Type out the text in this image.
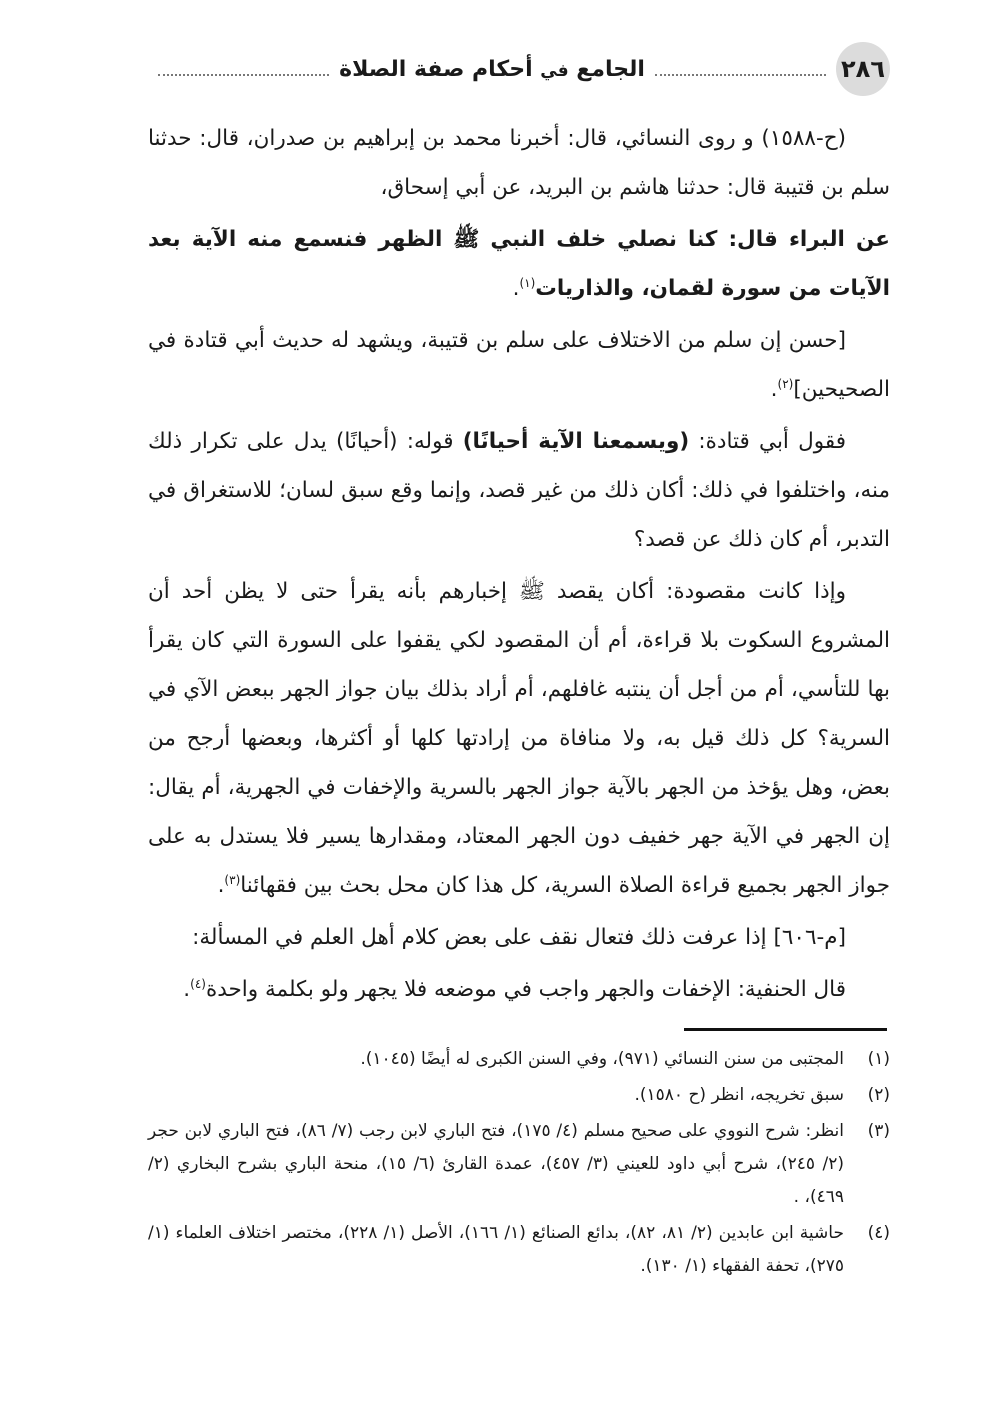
٢٨٦
الجامع في أحكام صفة الصلاة

(ح-١٥٨٨) و روى النسائي، قال: أخبرنا محمد بن إبراهيم بن صدران، قال: حدثنا سلم بن قتيبة قال: حدثنا هاشم بن البريد، عن أبي إسحاق،

عن البراء قال: كنا نصلي خلف النبي ﷺ الظهر فنسمع منه الآية بعد الآيات من سورة لقمان، والذاريات$^{(١)}$.

[حسن إن سلم من الاختلاف على سلم بن قتيبة، ويشهد له حديث أبي قتادة في الصحيحين]$^{(٢)}$.

فقول أبي قتادة: (ويسمعنا الآية أحيانًا) قوله: (أحيانًا) يدل على تكرار ذلك منه، واختلفوا في ذلك: أكان ذلك من غير قصد، وإنما وقع سبق لسان؛ للاستغراق في التدبر، أم كان ذلك عن قصد؟

وإذا كانت مقصودة: أكان يقصد ﷺ إخبارهم بأنه يقرأ حتى لا يظن أحد أن المشروع السكوت بلا قراءة، أم أن المقصود لكي يقفوا على السورة التي كان يقرأ بها للتأسي، أم من أجل أن ينتبه غافلهم، أم أراد بذلك بيان جواز الجهر ببعض الآي في السرية؟ كل ذلك قيل به، ولا منافاة من إرادتها كلها أو أكثرها، وبعضها أرجح من بعض، وهل يؤخذ من الجهر بالآية جواز الجهر بالسرية والإخفات في الجهرية، أم يقال: إن الجهر في الآية جهر خفيف دون الجهر المعتاد، ومقدارها يسير فلا يستدل به على جواز الجهر بجميع قراءة الصلاة السرية، كل هذا كان محل بحث بين فقهائنا$^{(٣)}$.

[م-٦٠٦] إذا عرفت ذلك فتعال نقف على بعض كلام أهل العلم في المسألة:

قال الحنفية: الإخفات والجهر واجب في موضعه فلا يجهر ولو بكلمة واحدة$^{(٤)}$.

(١)
المجتبى من سنن النسائي (٩٧١)، وفي السنن الكبرى له أيضًا (١٠٤٥).
(٢)
سبق تخريجه، انظر (ح ١٥٨٠).
(٣)
انظر: شرح النووي على صحيح مسلم (٤/ ١٧٥)، فتح الباري لابن رجب (٧/ ٨٦)، فتح الباري لابن حجر (٢/ ٢٤٥)، شرح أبي داود للعيني (٣/ ٤٥٧)، عمدة القارئ (٦/ ١٥)، منحة الباري بشرح البخاري (٢/ ٤٦٩)، .
(٤)
حاشية ابن عابدين (٢/ ٨١، ٨٢)، بدائع الصنائع (١/ ١٦٦)، الأصل (١/ ٢٢٨)، مختصر اختلاف العلماء (١/ ٢٧٥)، تحفة الفقهاء (١/ ١٣٠).
